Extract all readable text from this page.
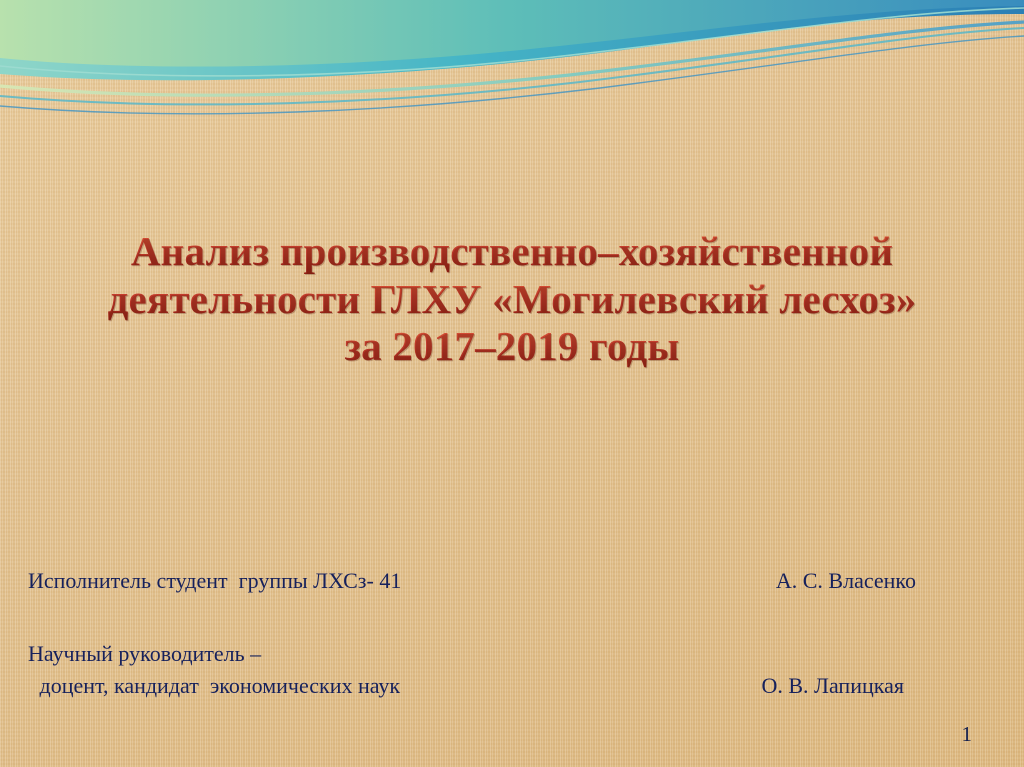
Анализ производственно–хозяйственной
деятельности ГЛХУ «Могилевский лесхоз»
за 2017–2019 годы
Исполнитель студент  группы ЛХСз- 41	А. С. Власенко
Научный руководитель –
доцент, кандидат  экономических наук	О. В. Лапицкая
1
